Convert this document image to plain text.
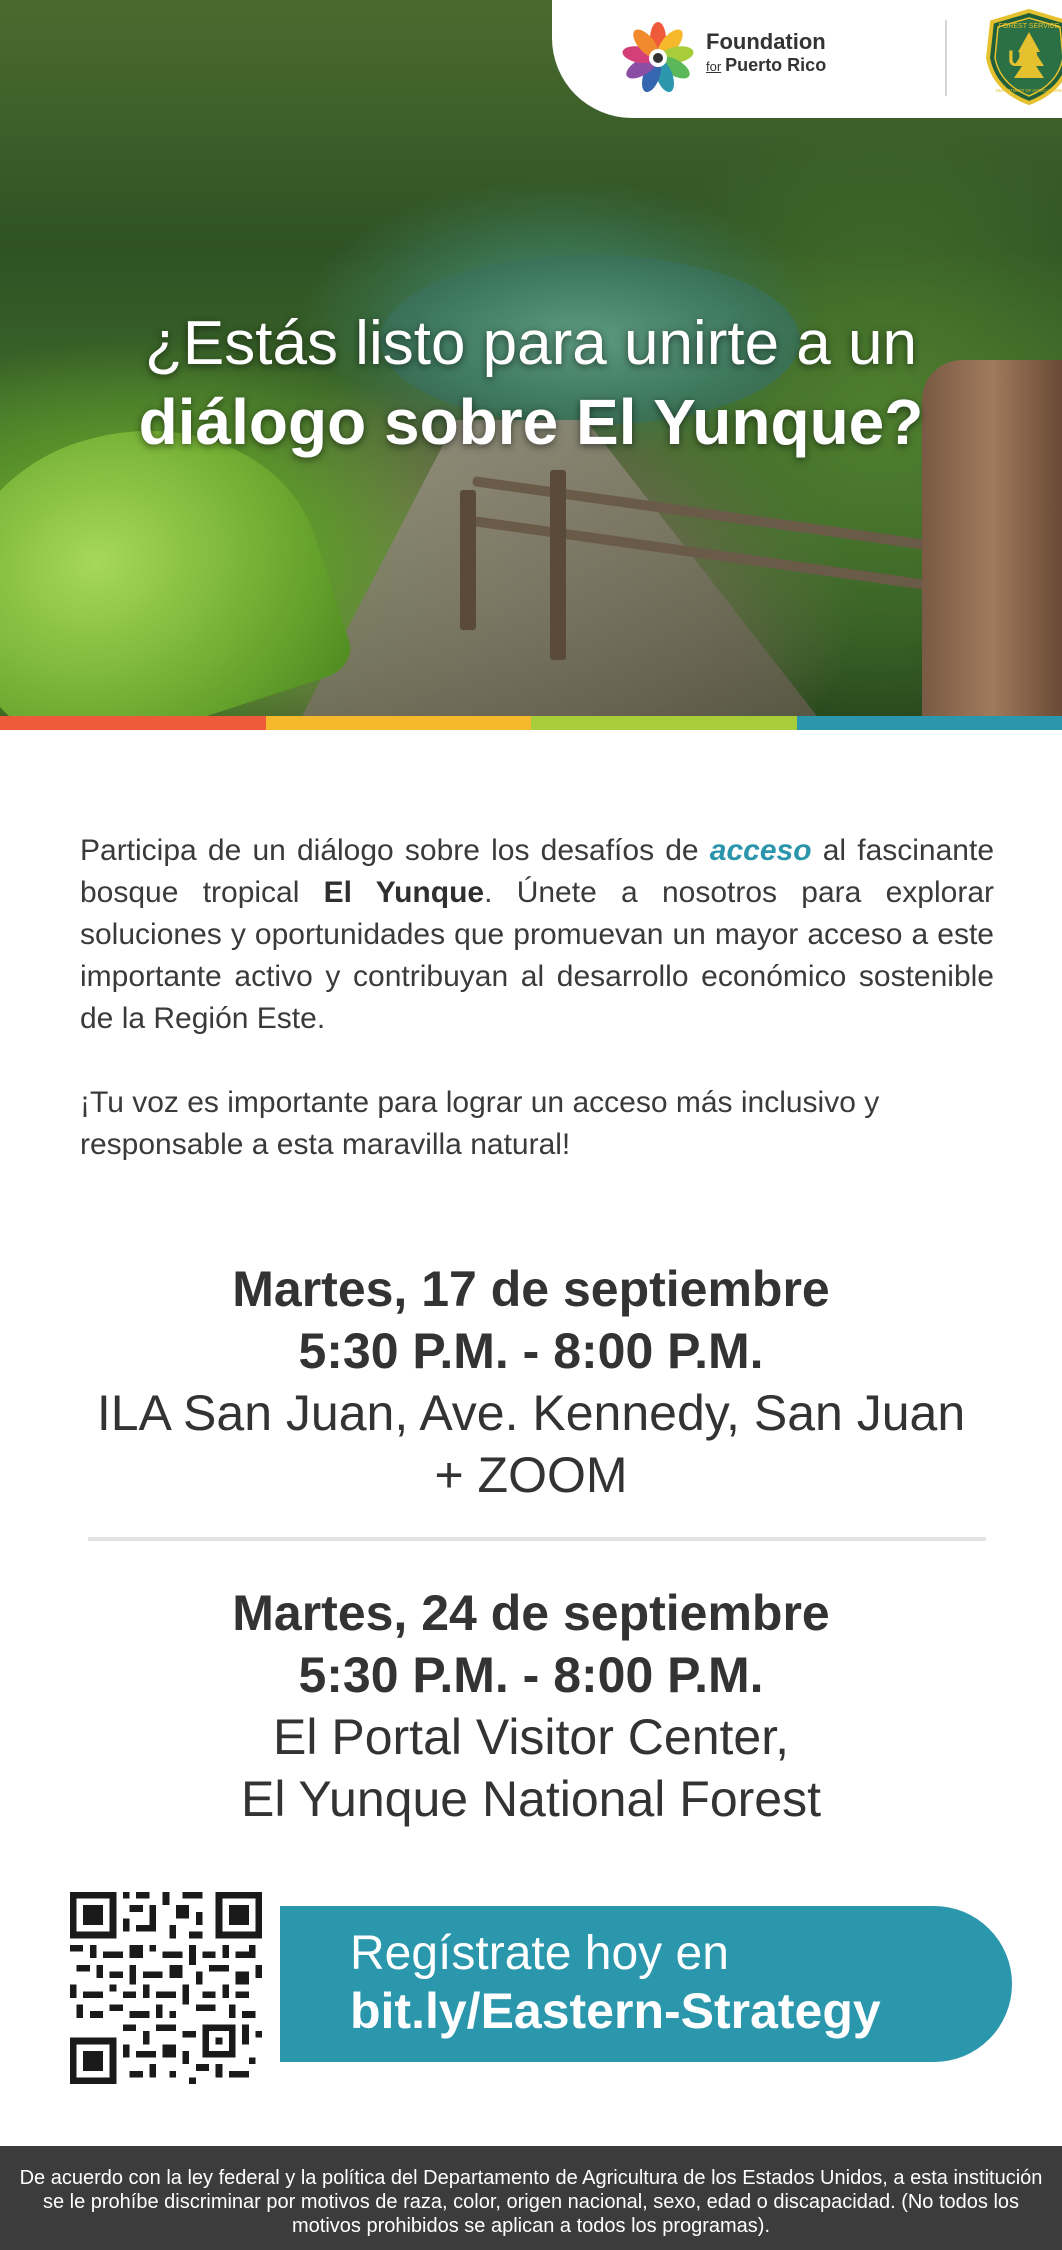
Foundation
for Puerto Rico	US
FOREST SERVICE
DEPARTMENT OF AGRICULTURE
¿Estás listo para unirte a un
diálogo sobre El Yunque?

Participa de un diálogo sobre los desafíos de acceso al fascinante bosque tropical El Yunque. Únete a nosotros para explorar soluciones y oportunidades que promuevan un mayor acceso a este importante activo y contribuyan al desarrollo económico sostenible de la Región Este.

¡Tu voz es importante para lograr un acceso más inclusivo y responsable a esta maravilla natural!

Martes, 17 de septiembre
5:30 P.M. - 8:00 P.M.
ILA San Juan, Ave. Kennedy, San Juan
+ ZOOM
Martes, 24 de septiembre
5:30 P.M. - 8:00 P.M.
El Portal Visitor Center,
El Yunque National Forest
Regístrate hoy en
bit.ly/Eastern-Strategy

De acuerdo con la ley federal y la política del Departamento de Agricultura de los Estados Unidos, a esta institución se le prohíbe discriminar por motivos de raza, color, origen nacional, sexo, edad o discapacidad. (No todos los motivos prohibidos se aplican a todos los programas).
